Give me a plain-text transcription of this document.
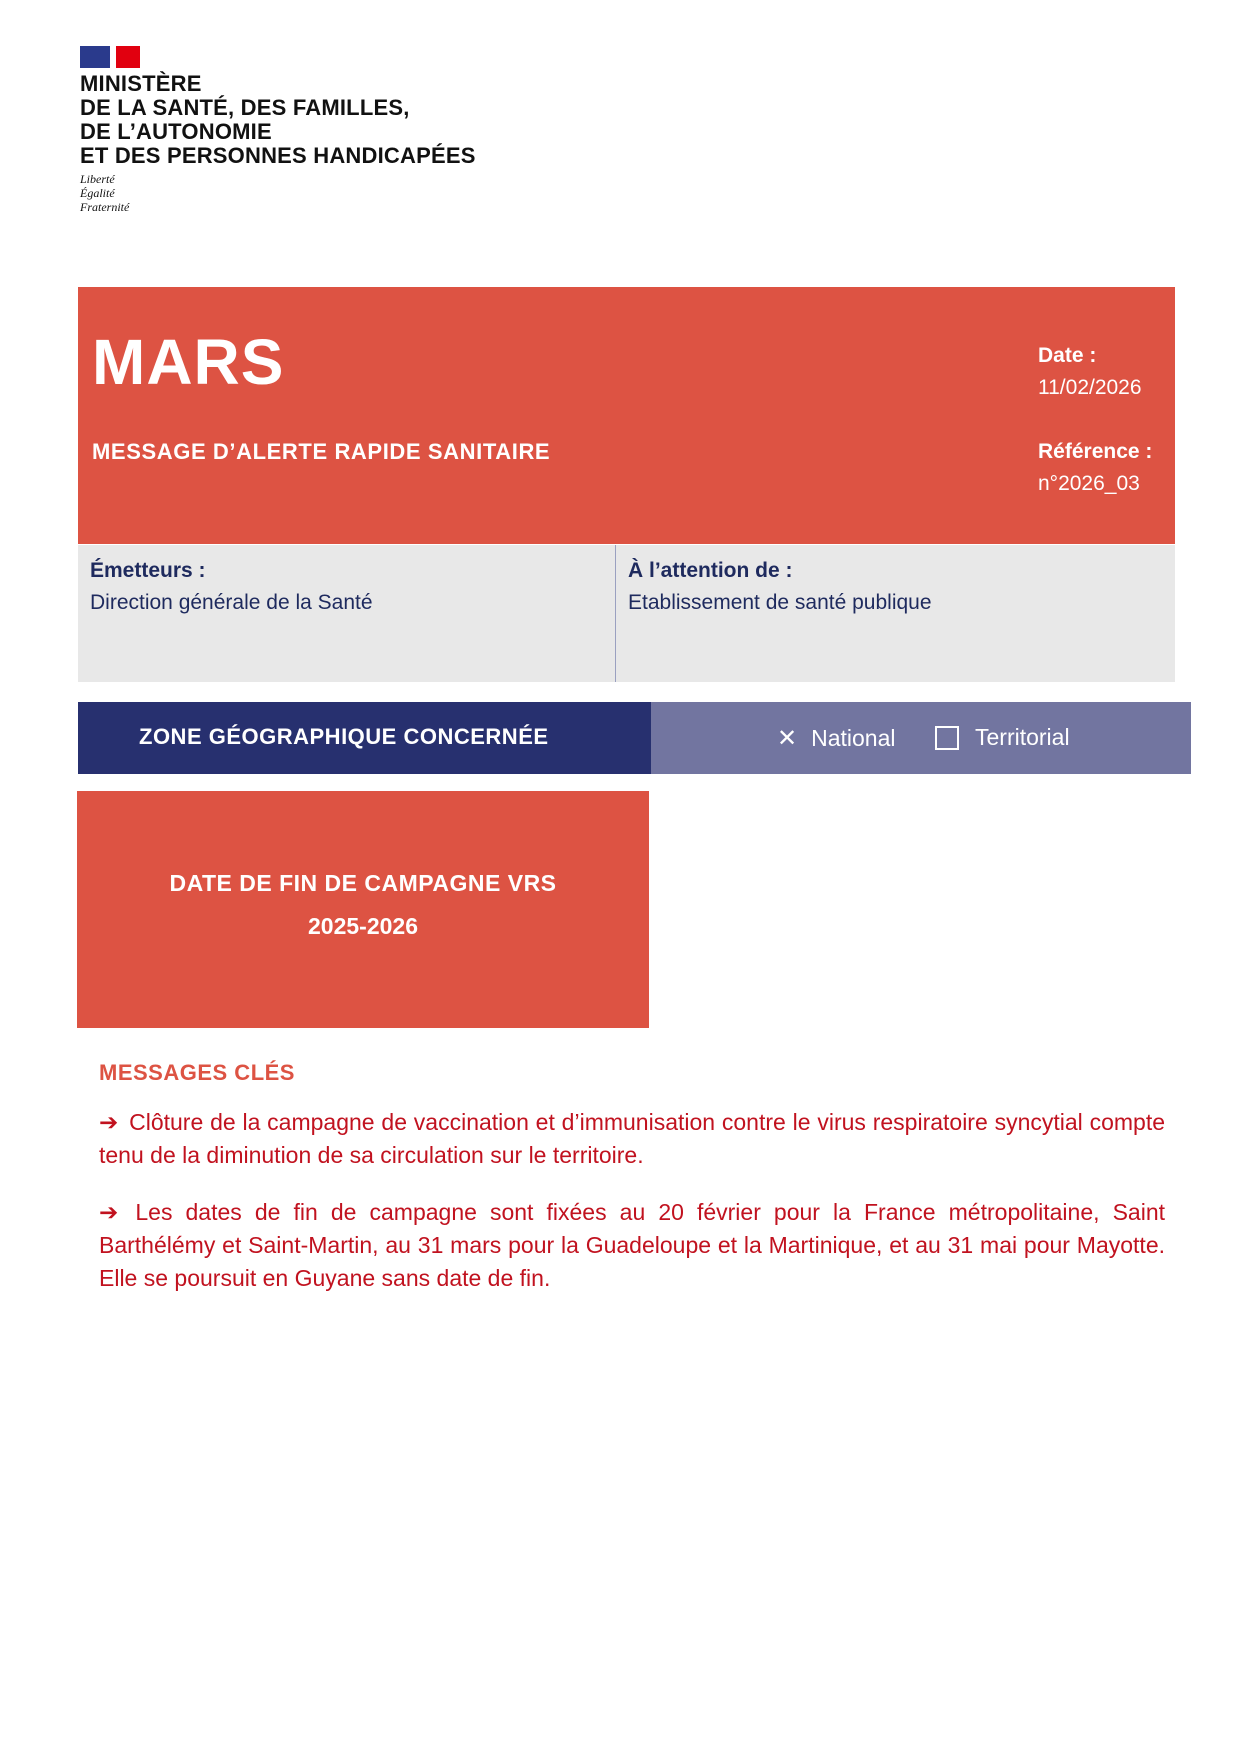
MINISTÈRE
DE LA SANTÉ, DES FAMILLES,
DE L’AUTONOMIE
ET DES PERSONNES HANDICAPÉES
Liberté
Égalité
Fraternité
MARS
MESSAGE D’ALERTE RAPIDE SANITAIRE
Date :
11/02/2026
Référence :
n°2026_03
Émetteurs :
Direction générale de la Santé
À l’attention de :
Etablissement de santé publique
ZONE GÉOGRAPHIQUE CONCERNÉE	✕ National	Territorial
DATE DE FIN DE CAMPAGNE VRS
2025-2026
MESSAGES CLÉS

➔ Clôture de la campagne de vaccination et d’immunisation contre le virus respiratoire syncytial compte tenu de la diminution de sa circulation sur le territoire.

➔ Les dates de fin de campagne sont fixées au 20 février pour la France métropolitaine, Saint Barthélémy et Saint-Martin, au 31 mars pour la Guadeloupe et la Martinique, et au 31 mai pour Mayotte. Elle se poursuit en Guyane sans date de fin.
